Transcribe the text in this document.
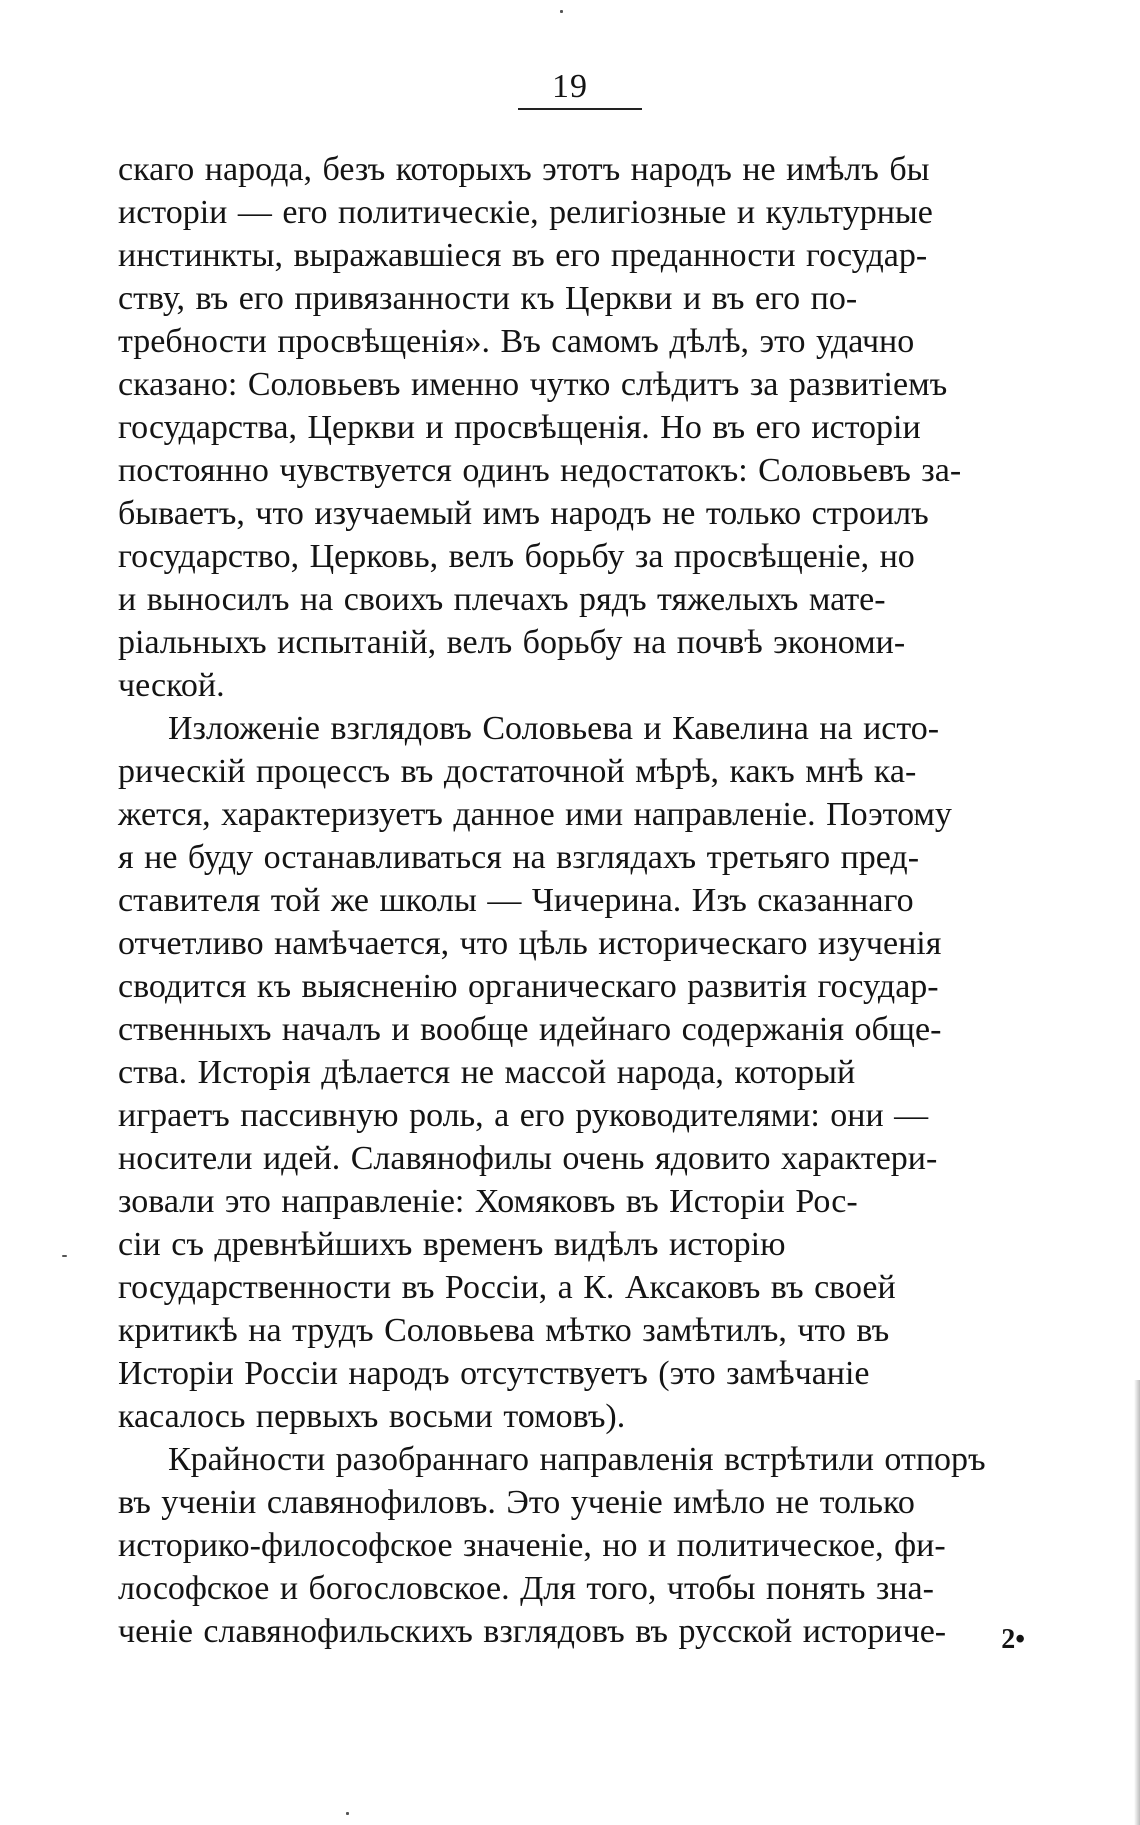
19
скаго народа, безъ которыхъ этотъ народъ не имѣлъ бы
исторіи — его политическіе, религіозные и культурные
инстинкты, выражавшіеся въ его преданности государ-
ству, въ его привязанности къ Церкви и въ его по-
требности просвѣщенія». Въ самомъ дѣлѣ, это удачно
сказано: Соловьевъ именно чутко слѣдитъ за развитіемъ
государства, Церкви и просвѣщенія. Но въ его исторіи
постоянно чувствуется одинъ недостатокъ: Соловьевъ за-
бываетъ, что изучаемый имъ народъ не только строилъ
государство, Церковь, велъ борьбу за просвѣщеніе, но
и выносилъ на своихъ плечахъ рядъ тяжелыхъ мате-
ріальныхъ испытаній, велъ борьбу на почвѣ экономи-
ческой.
Изложеніе взглядовъ Соловьева и Кавелина на исто-
рическій процессъ въ достаточной мѣрѣ, какъ мнѣ ка-
жется, характеризуетъ данное ими направленіе. Поэтому
я не буду останавливаться на взглядахъ третьяго пред-
ставителя той же школы — Чичерина. Изъ сказаннаго
отчетливо намѣчается, что цѣль историческаго изученія
сводится къ выясненію органическаго развитія государ-
ственныхъ началъ и вообще идейнаго содержанія обще-
ства. Исторія дѣлается не массой народа, который
играетъ пассивную роль, а его руководителями: они —
носители идей. Славянофилы очень ядовито характери-
зовали это направленіе: Хомяковъ въ Исторіи Рос-
сіи съ древнѣйшихъ временъ видѣлъ исторію
государственности въ Россіи, а К. Аксаковъ въ своей
критикѣ на трудъ Соловьева мѣтко замѣтилъ, что въ
Исторіи Россіи народъ отсутствуетъ (это замѣчаніе
касалось первыхъ восьми томовъ).
Крайности разобраннаго направленія встрѣтили отпоръ
въ ученіи славянофиловъ. Это ученіе имѣло не только
историко-философское значеніе, но и политическое, фи-
лософское и богословское. Для того, чтобы понять зна-
ченіе славянофильскихъ взглядовъ въ русской историче-	2•
